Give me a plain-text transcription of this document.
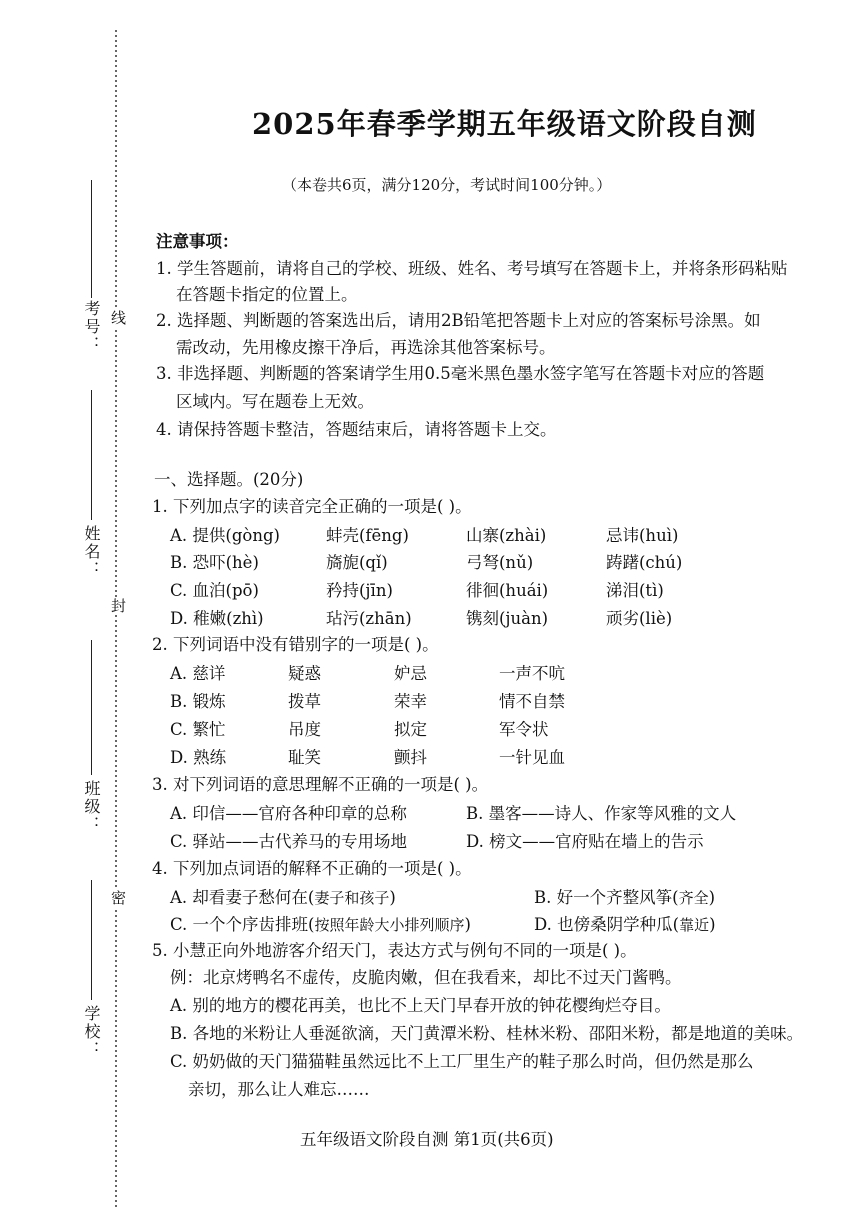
考号：
姓名：
班级：
学校：
线
封
密
2025年春季学期五年级语文阶段自测
（本卷共6页，满分120分，考试时间100分钟。）
注意事项：
1. 学生答题前，请将自己的学校、班级、姓名、考号填写在答题卡上，并将条形码粘贴
在答题卡指定的位置上。
2. 选择题、判断题的答案选出后，请用2B铅笔把答题卡上对应的答案标号涂黑。如
需改动，先用橡皮擦干净后，再选涂其他答案标号。
3. 非选择题、判断题的答案请学生用0.5毫米黑色墨水签字笔写在答题卡对应的答题
区域内。写在题卷上无效。
4. 请保持答题卡整洁，答题结束后，请将答题卡上交。
一、选择题。(20分)
1. 下列加点字的读音完全正确的一项是( )。
A. 提供(gòng)	蚌壳(fēng)	山寨(zhài)	忌讳(huì)
B. 恐吓(hè)	旖旎(qǐ)	弓弩(nǔ)	踌躇(chú)
C. 血泊(pō)	矜持(jīn)	徘徊(huái)	涕泪(tì)
D. 稚嫩(zhì)	玷污(zhān)	镌刻(juàn)	顽劣(liè)
2. 下列词语中没有错别字的一项是( )。
A. 慈详	疑惑	妒忌	一声不吭
B. 锻炼	拨草	荣幸	情不自禁
C. 繁忙	吊度	拟定	军令状
D. 熟练	耻笑	颤抖	一针见血
3. 对下列词语的意思理解不正确的一项是( )。
A. 印信——官府各种印章的总称	B. 墨客——诗人、作家等风雅的文人
C. 驿站——古代养马的专用场地	D. 榜文——官府贴在墙上的告示
4. 下列加点词语的解释不正确的一项是( )。
A. 却看妻子愁何在(妻子和孩子)	B. 好一个齐整风筝(齐全)
C. 一个个序齿排班(按照年龄大小排列顺序)	D. 也傍桑阴学种瓜(靠近)
5. 小慧正向外地游客介绍天门，表达方式与例句不同的一项是( )。
例：北京烤鸭名不虚传，皮脆肉嫩，但在我看来，却比不过天门酱鸭。
A. 别的地方的樱花再美，也比不上天门早春开放的钟花樱绚烂夺目。
B. 各地的米粉让人垂涎欲滴，天门黄潭米粉、桂林米粉、邵阳米粉，都是地道的美味。
C. 奶奶做的天门猫猫鞋虽然远比不上工厂里生产的鞋子那么时尚，但仍然是那么
亲切，那么让人难忘……
五年级语文阶段自测 第1页(共6页)
